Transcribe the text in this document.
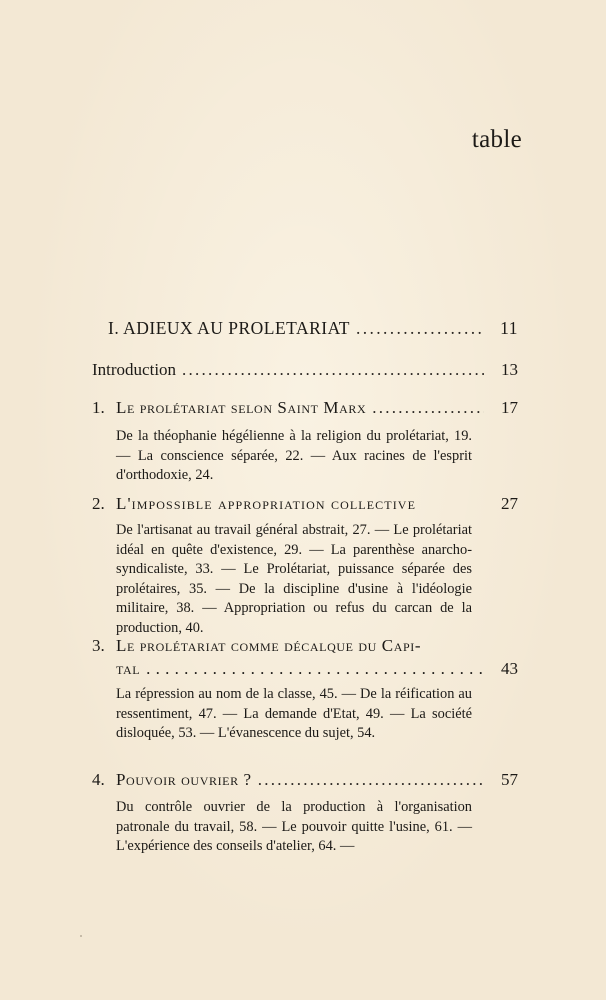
table
I. ADIEUX AU PROLETARIAT . . .	11
Introduction . . .	13
1. Le prolétariat selon Saint Marx . . .	17
De la théophanie hégélienne à la religion du prolétariat, 19. — La conscience séparée, 22. — Aux racines de l'esprit d'orthodoxie, 24.
2. L'impossible appropriation collective	27
De l'artisanat au travail général abstrait, 27. — Le prolétariat idéal en quête d'existence, 29. — La parenthèse anarcho-syndicaliste, 33. — Le Prolétariat, puissance séparée des prolétaires, 35. — De la discipline d'usine à l'idéologie militaire, 38. — Appropriation ou refus du carcan de la production, 40.
3. Le prolétariat comme décalque du Capi-
tal . . .	43
La répression au nom de la classe, 45. — De la réification au ressentiment, 47. — La demande d'Etat, 49. — La société disloquée, 53. — L'évanescence du sujet, 54.
4. Pouvoir ouvrier ? . . .	57
Du contrôle ouvrier de la production à l'organisation patronale du travail, 58. — Le pouvoir quitte l'usine, 61. — L'expérience des conseils d'atelier, 64. —
